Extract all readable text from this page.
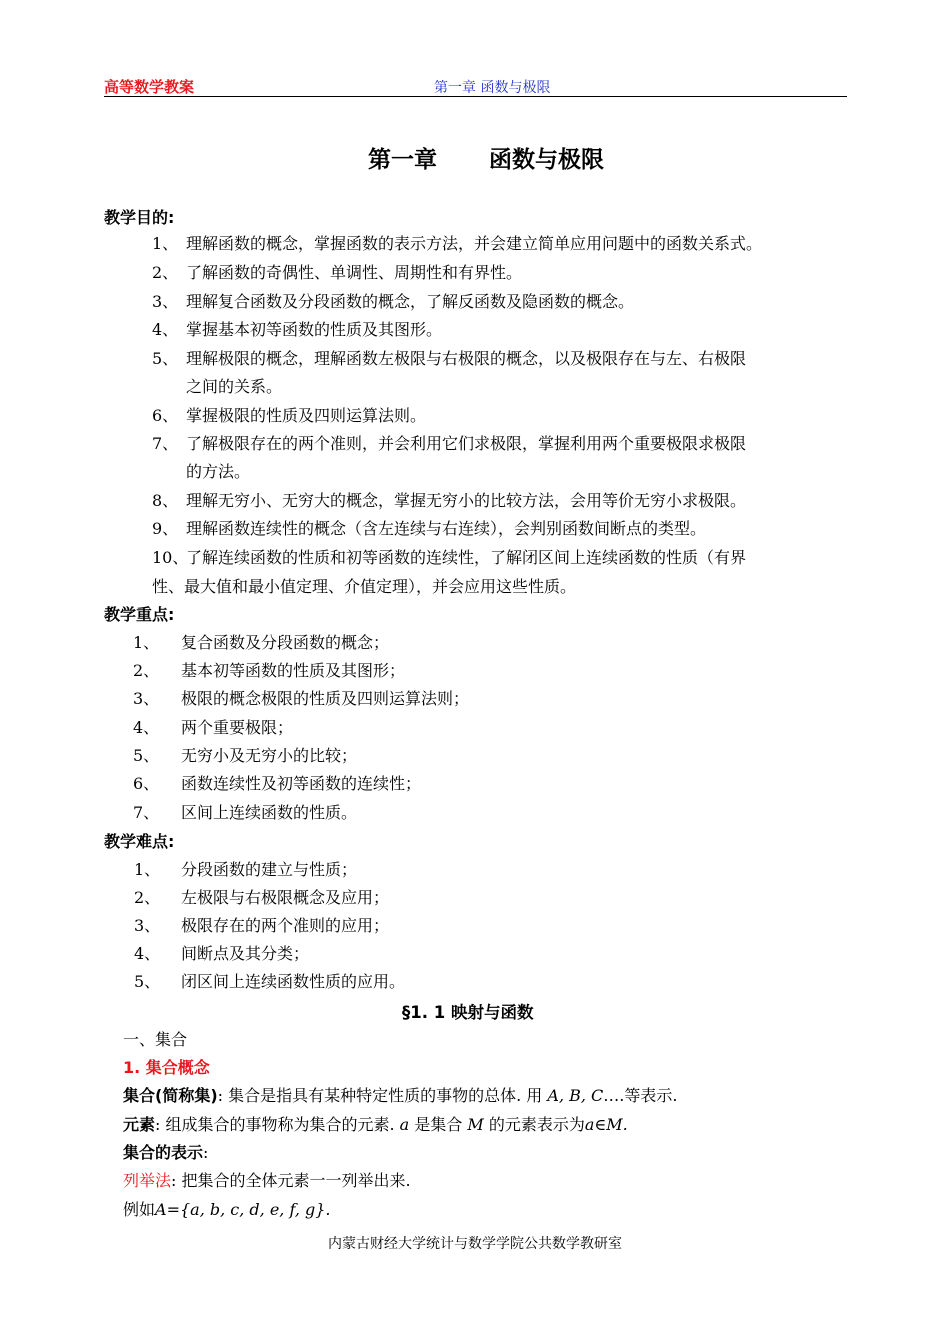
高等数学教案	第一章 函数与极限
第一章 函数与极限
教学目的:
1、 理解函数的概念，掌握函数的表示方法，并会建立简单应用问题中的函数关系式。
2、 了解函数的奇偶性、单调性、周期性和有界性。
3、 理解复合函数及分段函数的概念，了解反函数及隐函数的概念。
4、 掌握基本初等函数的性质及其图形。
5、 理解极限的概念，理解函数左极限与右极限的概念，以及极限存在与左、右极限
之间的关系。
6、 掌握极限的性质及四则运算法则。
7、 了解极限存在的两个准则，并会利用它们求极限，掌握利用两个重要极限求极限
的方法。
8、 理解无穷小、无穷大的概念，掌握无穷小的比较方法，会用等价无穷小求极限。
9、 理解函数连续性的概念（含左连续与右连续），会判别函数间断点的类型。
10、了解连续函数的性质和初等函数的连续性，了解闭区间上连续函数的性质（有界
性、最大值和最小值定理、介值定理），并会应用这些性质。
教学重点:
1、 复合函数及分段函数的概念；
2、 基本初等函数的性质及其图形；
3、 极限的概念极限的性质及四则运算法则；
4、 两个重要极限；
5、 无穷小及无穷小的比较；
6、 函数连续性及初等函数的连续性；
7、 区间上连续函数的性质。
教学难点:
1、 分段函数的建立与性质；
2、 左极限与右极限概念及应用；
3、 极限存在的两个准则的应用；
4、 间断点及其分类；
5、 闭区间上连续函数性质的应用。
§1. 1 映射与函数
一、集合
1. 集合概念
集合(简称集): 集合是指具有某种特定性质的事物的总体. 用 A, B, C….等表示.
元素: 组成集合的事物称为集合的元素. a 是集合 M 的元素表示为a∈M.
集合的表示:
列举法: 把集合的全体元素一一列举出来.
例如A={a, b, c, d, e, f, g}.
内蒙古财经大学统计与数学学院公共数学教研室
